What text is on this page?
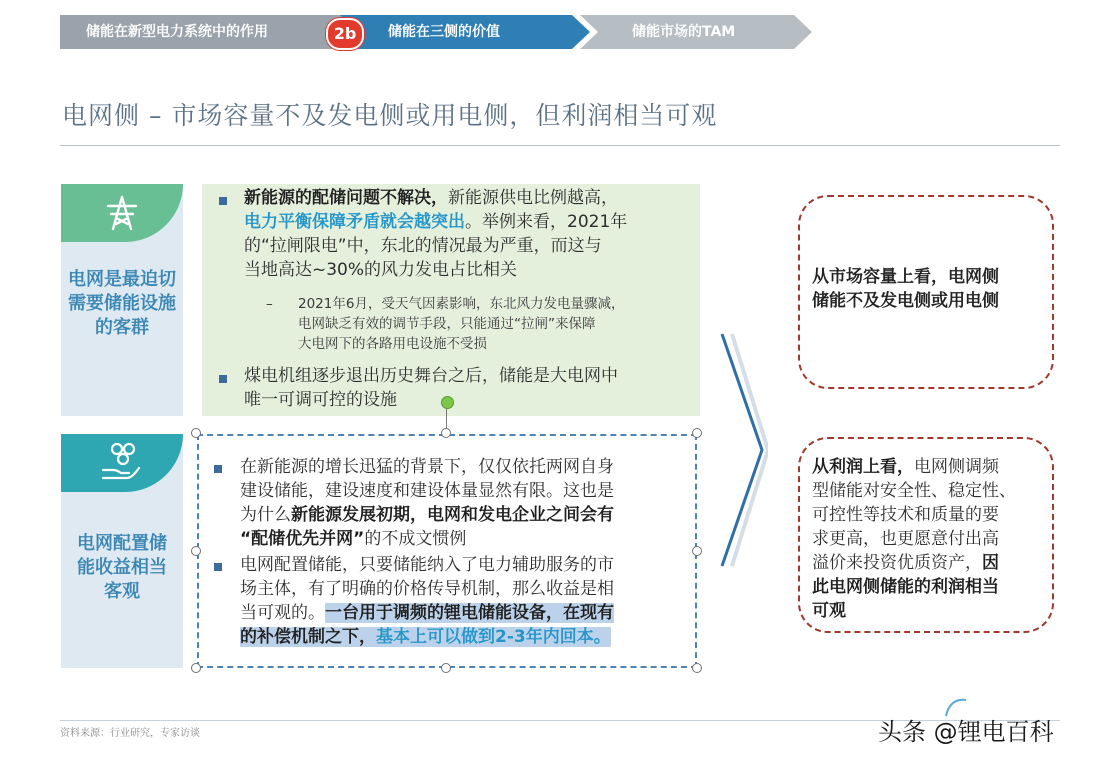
储能在新型电力系统中的作用	储能在三侧的价值	储能市场的TAM
2b
电网侧 – 市场容量不及发电侧或用电侧，但利润相当可观
电网是最迫切
需要储能设施
的客群
电网配置储
能收益相当
客观
新能源的配储问题不解决，新能源供电比例越高，
电力平衡保障矛盾就会越突出。举例来看，2021年
的“拉闸限电”中，东北的情况最为严重，而这与
当地高达~30%的风力发电占比相关
– 2021年6月，受天气因素影响，东北风力发电量骤减，
电网缺乏有效的调节手段，只能通过“拉闸”来保障
大电网下的各路用电设施不受损
煤电机组逐步退出历史舞台之后，储能是大电网中
唯一可调可控的设施
在新能源的增长迅猛的背景下，仅仅依托两网自身
建设储能，建设速度和建设体量显然有限。这也是
为什么新能源发展初期，电网和发电企业之间会有
“配储优先并网”的不成文惯例
电网配置储能，只要储能纳入了电力辅助服务的市
场主体，有了明确的价格传导机制，那么收益是相
当可观的。一台用于调频的锂电储能设备，在现有
的补偿机制之下，基本上可以做到2-3年内回本。
从市场容量上看，电网侧
储能不及发电侧或用电侧
从利润上看，电网侧调频
型储能对安全性、稳定性、
可控性等技术和质量的要
求更高，也更愿意付出高
溢价来投资优质资产，因
此电网侧储能的利润相当
可观
资料来源：行业研究，专家访谈	头条 @锂电百科
